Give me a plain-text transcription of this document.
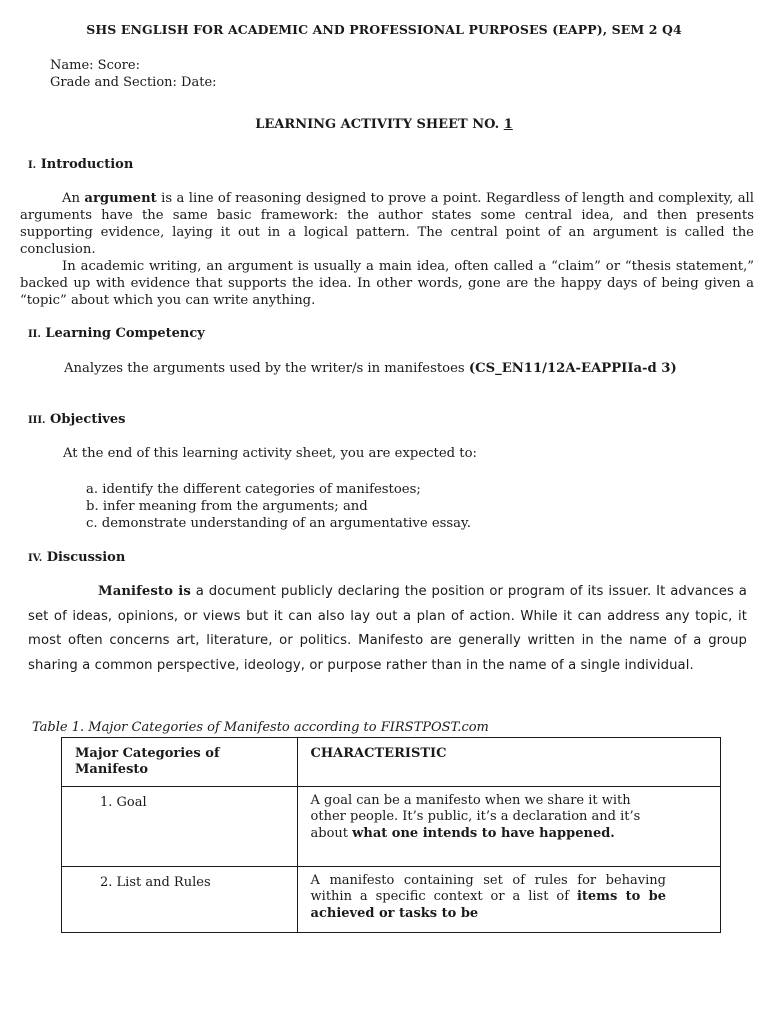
SHS ENGLISH FOR ACADEMIC AND PROFESSIONAL PURPOSES (EAPP), SEM 2 Q4
Name: Score:
Grade and Section: Date:
LEARNING ACTIVITY SHEET NO. 1
I. Introduction

An argument is a line of reasoning designed to prove a point. Regardless of length and complexity, all arguments have the same basic framework: the author states some central idea, and then presents supporting evidence, laying it out in a logical pattern. The central point of an argument is called the conclusion.

In academic writing, an argument is usually a main idea, often called a “claim” or “thesis statement,” backed up with evidence that supports the idea. In other words, gone are the happy days of being given a “topic” about which you can write anything.

II. Learning Competency
Analyzes the arguments used by the writer/s in manifestoes (CS_EN11/12A-EAPPIIa-d 3)
III. Objectives
At the end of this learning activity sheet, you are expected to:
a. identify the different categories of manifestoes;
b. infer meaning from the arguments; and
c. demonstrate understanding of an argumentative essay.
IV. Discussion

Manifesto is a document publicly declaring the position or program of its issuer. It advances a set of ideas, opinions, or views but it can also lay out a plan of action. While it can address any topic, it most often concerns art, literature, or politics. Manifesto are generally written in the name of a group sharing a common perspective, ideology, or purpose rather than in the name of a single individual.

Table 1. Major Categories of Manifesto according to FIRSTPOST.com
Major Categories of Manifesto	CHARACTERISTIC
1. Goal	A goal can be a manifesto when we share it with other people. It’s public, it’s a declaration and it’s about what one intends to have happened.
2. List and Rules	A manifesto containing set of rules for behaving within a specific context or a list of items to be achieved or tasks to be
